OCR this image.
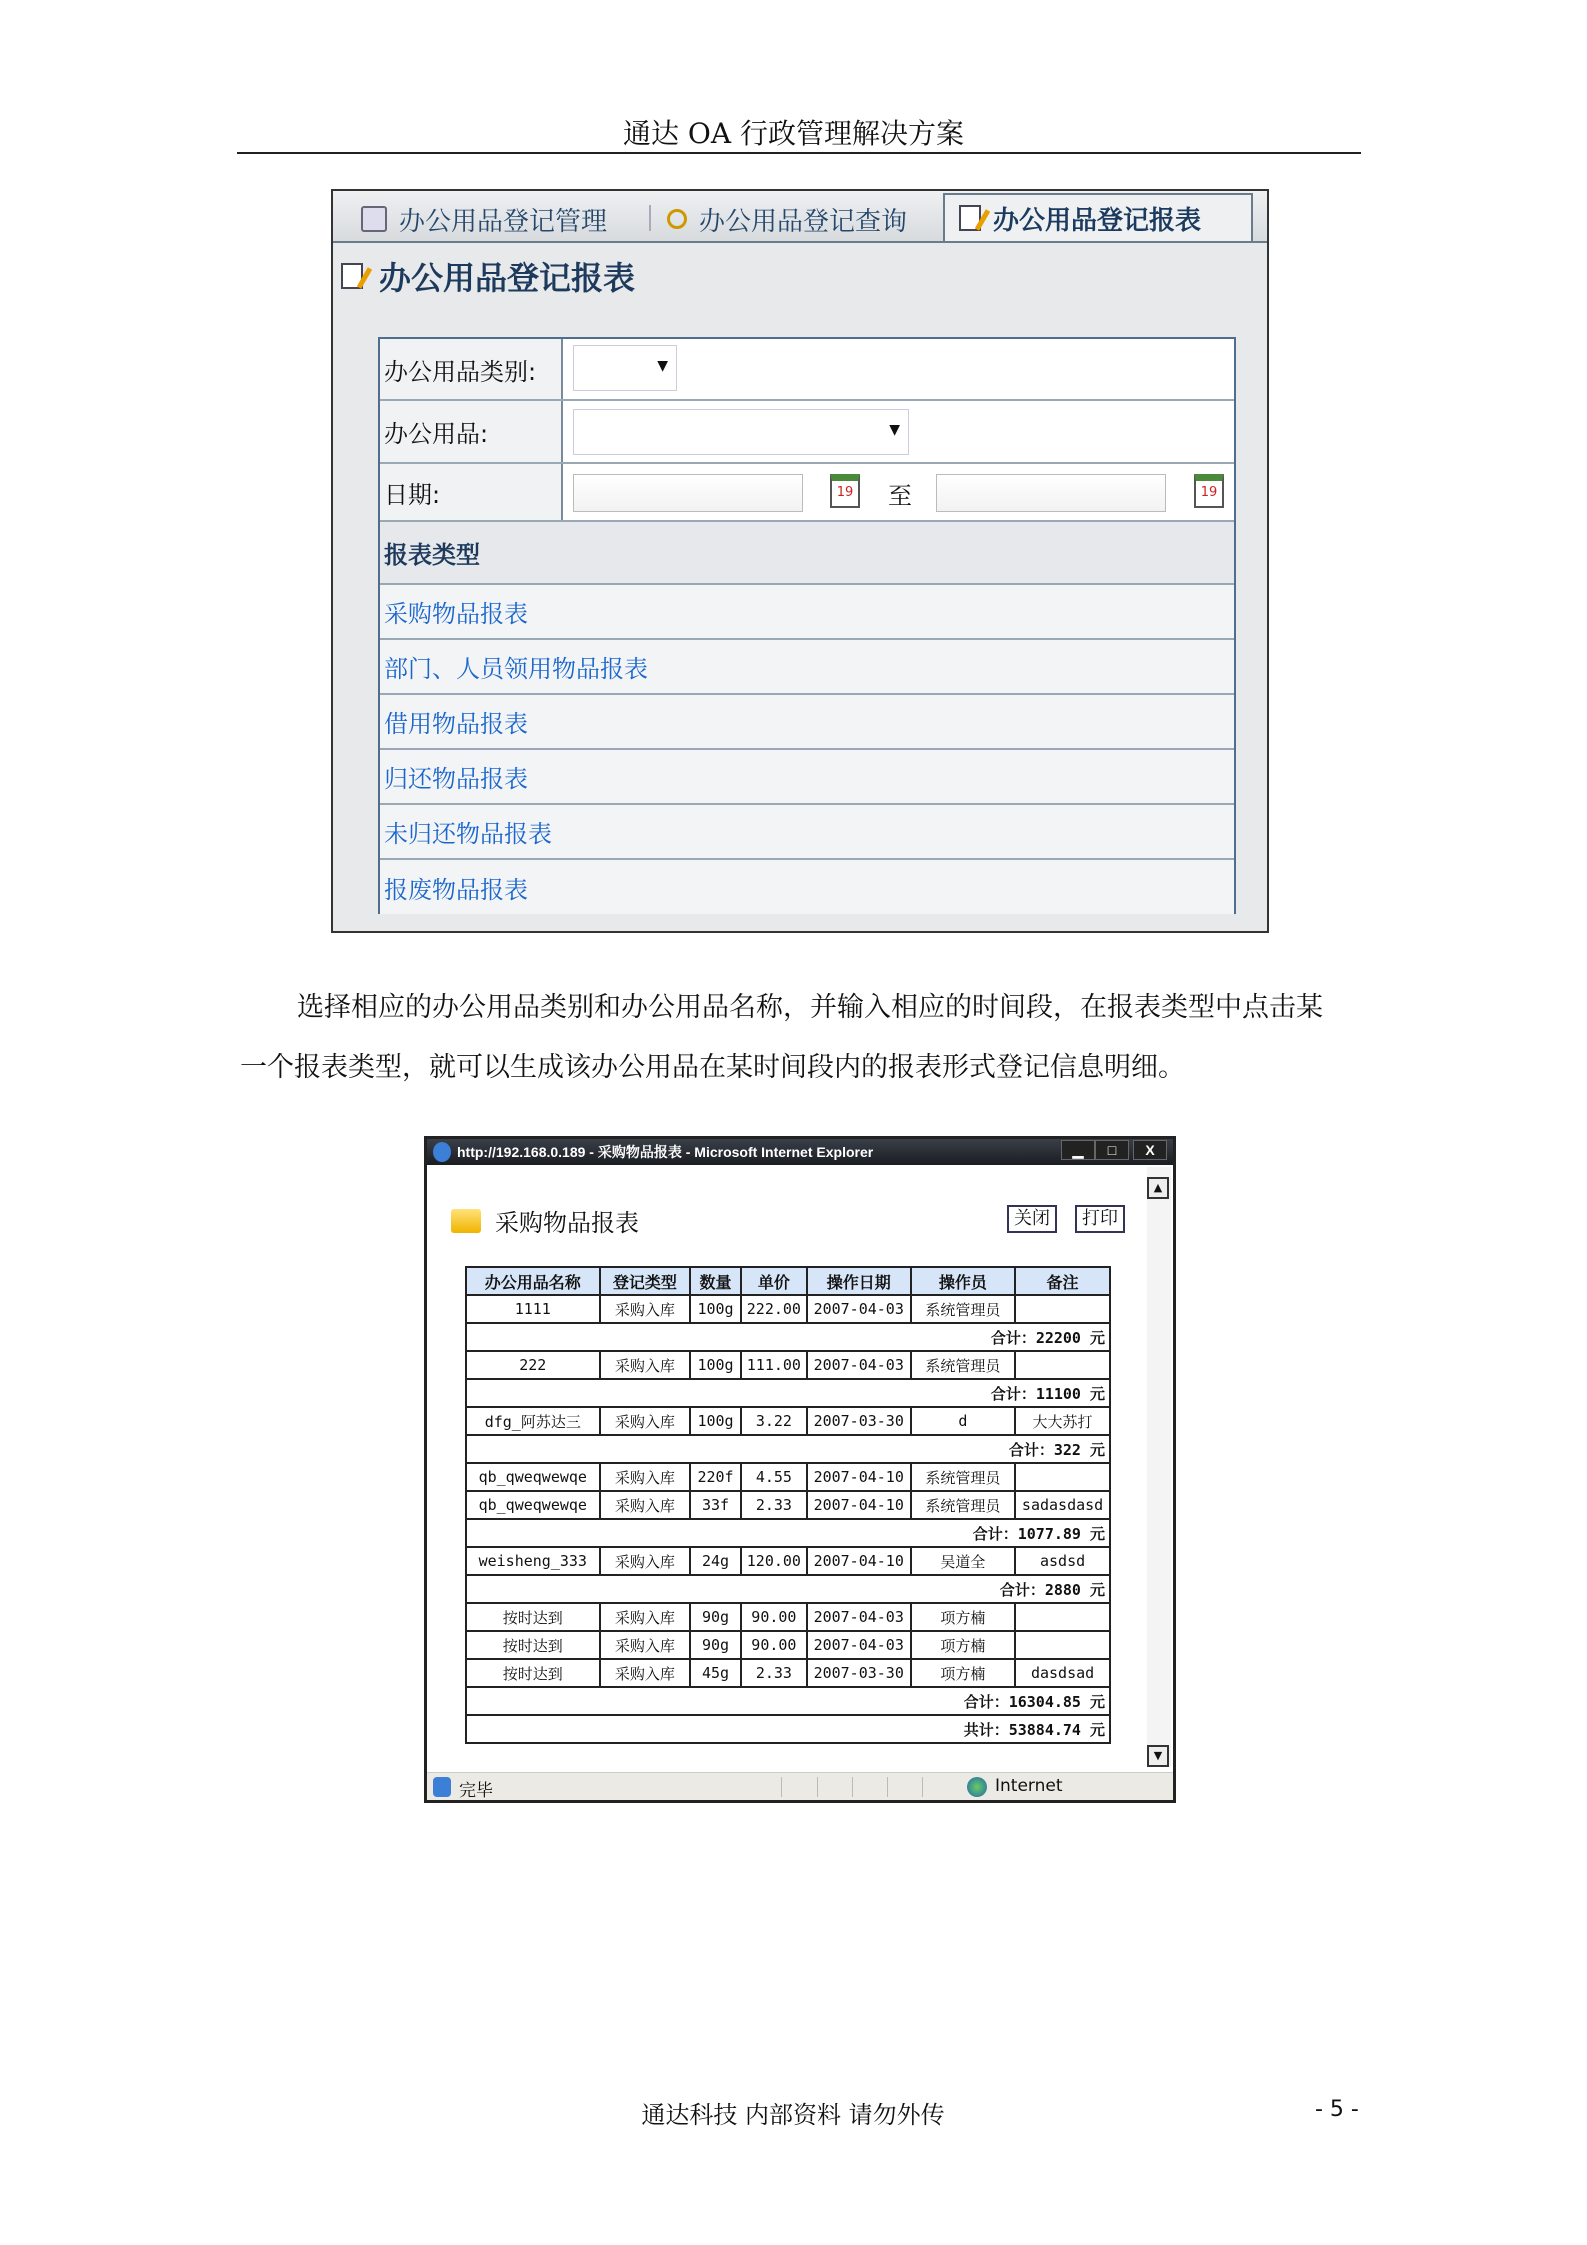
通达 OA 行政管理解决方案
办公用品登记管理	办公用品登记查询	办公用品登记报表
办公用品登记报表
办公用品类别:
▼
办公用品:
▼
日期:	19 至	19
报表类型
采购物品报表
部门、人员领用物品报表
借用物品报表
归还物品报表
未归还物品报表
报废物品报表
选择相应的办公用品类别和办公用品名称，并输入相应的时间段，在报表类型中点击某
一个报表类型，就可以生成该办公用品在某时间段内的报表形式登记信息明细。
http://192.168.0.189 - 采购物品报表 - Microsoft Internet Explorer	▁	□	X
▲
▼
采购物品报表	关闭	打印
办公用品名称	登记类型	数量	单价	操作日期	操作员	备注
1111	采购入库	100g	222.00	2007-04-03	系统管理员	
合计：22200 元						
222	采购入库	100g	111.00	2007-04-03	系统管理员	
合计：11100 元						
dfg_阿苏达三	采购入库	100g	3.22	2007-03-30	d	大大苏打
合计：322 元						
qb_qweqwewqe	采购入库	220f	4.55	2007-04-10	系统管理员	
qb_qweqwewqe	采购入库	33f	2.33	2007-04-10	系统管理员	sadasdasd
合计：1077.89 元						
weisheng_333	采购入库	24g	120.00	2007-04-10	吴道全	asdsd
合计：2880 元						
按时达到	采购入库	90g	90.00	2007-04-03	项方楠	
按时达到	采购入库	90g	90.00	2007-04-03	项方楠	
按时达到	采购入库	45g	2.33	2007-03-30	项方楠	dasdsad
合计：16304.85 元						
共计：53884.74 元						
完毕	Internet
通达科技 内部资料 请勿外传	- 5 -
